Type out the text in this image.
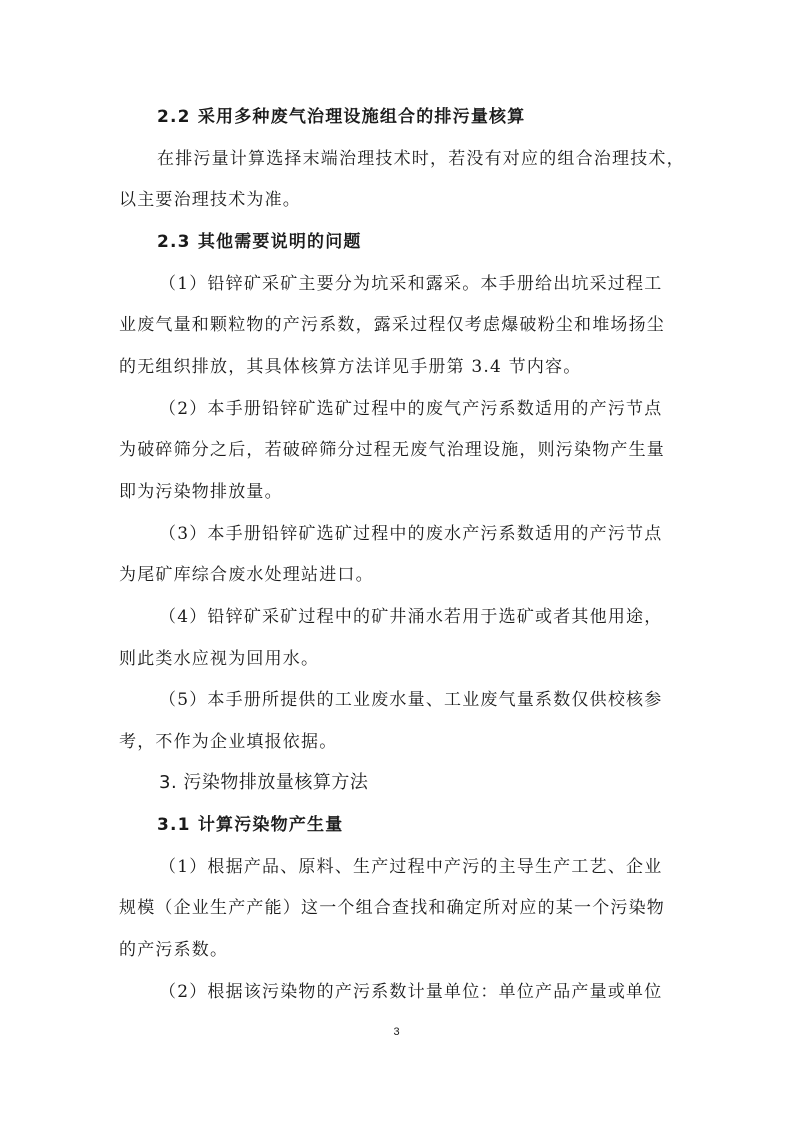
2.2 采用多种废气治理设施组合的排污量核算
在排污量计算选择末端治理技术时，若没有对应的组合治理技术，
以主要治理技术为准。
2.3 其他需要说明的问题
（1）铅锌矿采矿主要分为坑采和露采。本手册给出坑采过程工
业废气量和颗粒物的产污系数，露采过程仅考虑爆破粉尘和堆场扬尘
的无组织排放，其具体核算方法详见手册第 3.4 节内容。
（2）本手册铅锌矿选矿过程中的废气产污系数适用的产污节点
为破碎筛分之后，若破碎筛分过程无废气治理设施，则污染物产生量
即为污染物排放量。
（3）本手册铅锌矿选矿过程中的废水产污系数适用的产污节点
为尾矿库综合废水处理站进口。
（4）铅锌矿采矿过程中的矿井涌水若用于选矿或者其他用途，
则此类水应视为回用水。
（5）本手册所提供的工业废水量、工业废气量系数仅供校核参
考，不作为企业填报依据。
3. 污染物排放量核算方法
3.1 计算污染物产生量
（1）根据产品、原料、生产过程中产污的主导生产工艺、企业
规模（企业生产产能）这一个组合查找和确定所对应的某一个污染物
的产污系数。
（2）根据该污染物的产污系数计量单位：单位产品产量或单位
3
